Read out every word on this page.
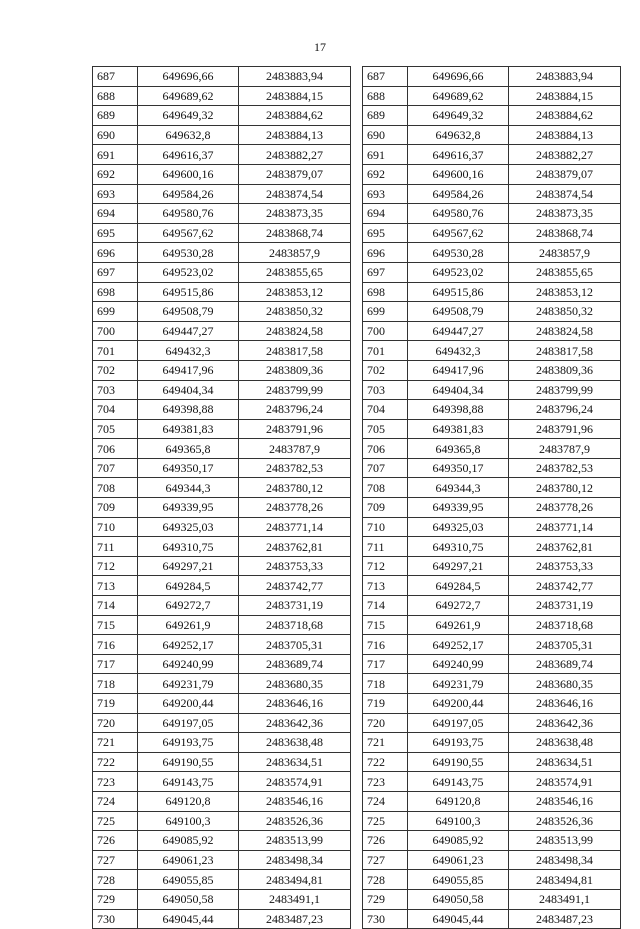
17
687	649696,66	2483883,94
688	649689,62	2483884,15
689	649649,32	2483884,62
690	649632,8	2483884,13
691	649616,37	2483882,27
692	649600,16	2483879,07
693	649584,26	2483874,54
694	649580,76	2483873,35
695	649567,62	2483868,74
696	649530,28	2483857,9
697	649523,02	2483855,65
698	649515,86	2483853,12
699	649508,79	2483850,32
700	649447,27	2483824,58
701	649432,3	2483817,58
702	649417,96	2483809,36
703	649404,34	2483799,99
704	649398,88	2483796,24
705	649381,83	2483791,96
706	649365,8	2483787,9
707	649350,17	2483782,53
708	649344,3	2483780,12
709	649339,95	2483778,26
710	649325,03	2483771,14
711	649310,75	2483762,81
712	649297,21	2483753,33
713	649284,5	2483742,77
714	649272,7	2483731,19
715	649261,9	2483718,68
716	649252,17	2483705,31
717	649240,99	2483689,74
718	649231,79	2483680,35
719	649200,44	2483646,16
720	649197,05	2483642,36
721	649193,75	2483638,48
722	649190,55	2483634,51
723	649143,75	2483574,91
724	649120,8	2483546,16
725	649100,3	2483526,36
726	649085,92	2483513,99
727	649061,23	2483498,34
728	649055,85	2483494,81
729	649050,58	2483491,1
730	649045,44	2483487,23
687	649696,66	2483883,94
688	649689,62	2483884,15
689	649649,32	2483884,62
690	649632,8	2483884,13
691	649616,37	2483882,27
692	649600,16	2483879,07
693	649584,26	2483874,54
694	649580,76	2483873,35
695	649567,62	2483868,74
696	649530,28	2483857,9
697	649523,02	2483855,65
698	649515,86	2483853,12
699	649508,79	2483850,32
700	649447,27	2483824,58
701	649432,3	2483817,58
702	649417,96	2483809,36
703	649404,34	2483799,99
704	649398,88	2483796,24
705	649381,83	2483791,96
706	649365,8	2483787,9
707	649350,17	2483782,53
708	649344,3	2483780,12
709	649339,95	2483778,26
710	649325,03	2483771,14
711	649310,75	2483762,81
712	649297,21	2483753,33
713	649284,5	2483742,77
714	649272,7	2483731,19
715	649261,9	2483718,68
716	649252,17	2483705,31
717	649240,99	2483689,74
718	649231,79	2483680,35
719	649200,44	2483646,16
720	649197,05	2483642,36
721	649193,75	2483638,48
722	649190,55	2483634,51
723	649143,75	2483574,91
724	649120,8	2483546,16
725	649100,3	2483526,36
726	649085,92	2483513,99
727	649061,23	2483498,34
728	649055,85	2483494,81
729	649050,58	2483491,1
730	649045,44	2483487,23
